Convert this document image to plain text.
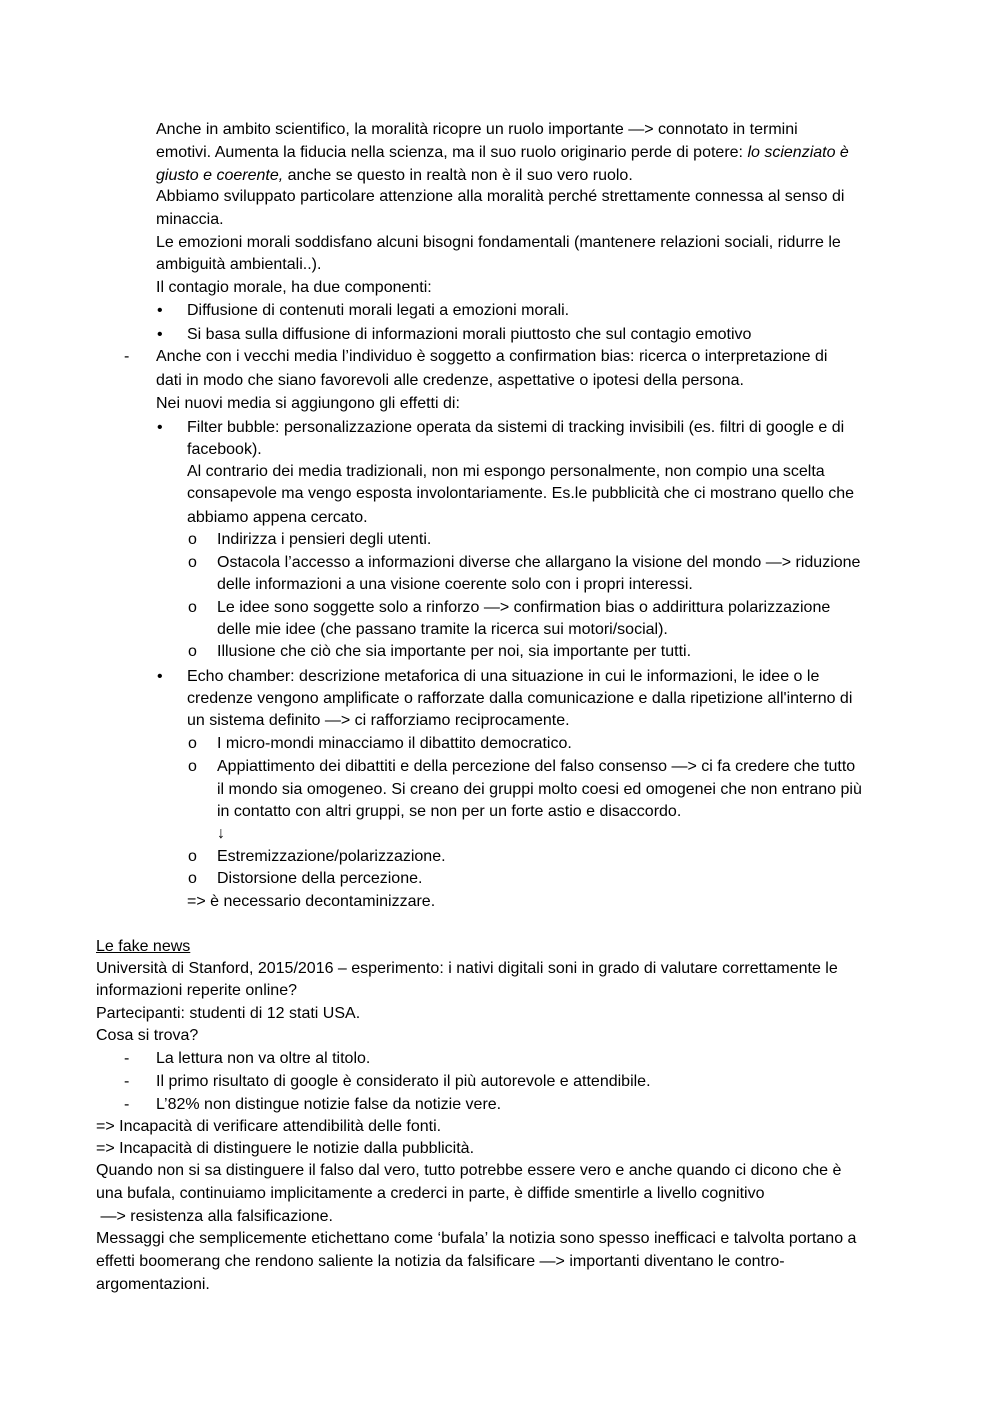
Anche in ambito scientifico, la moralità ricopre un ruolo importante —> connotato in termini
emotivi. Aumenta la fiducia nella scienza, ma il suo ruolo originario perde di potere: lo scienziato è
giusto e coerente, anche se questo in realtà non è il suo vero ruolo.
Abbiamo sviluppato particolare attenzione alla moralità perché strettamente connessa al senso di
minaccia.
Le emozioni morali soddisfano alcuni bisogni fondamentali (mantenere relazioni sociali, ridurre le
ambiguità ambientali..).
Il contagio morale, ha due componenti:
• Diffusione di contenuti morali legati a emozioni morali.
• Si basa sulla diffusione di informazioni morali piuttosto che sul contagio emotivo
- Anche con i vecchi media l’individuo è soggetto a confirmation bias: ricerca o interpretazione di
dati in modo che siano favorevoli alle credenze, aspettative o ipotesi della persona.
Nei nuovi media si aggiungono gli effetti di:
• Filter bubble: personalizzazione operata da sistemi di tracking invisibili (es. filtri di google e di
facebook).
Al contrario dei media tradizionali, non mi espongo personalmente, non compio una scelta
consapevole ma vengo esposta involontariamente. Es.le pubblicità che ci mostrano quello che
abbiamo appena cercato.
o Indirizza i pensieri degli utenti.
o Ostacola l’accesso a informazioni diverse che allargano la visione del mondo —> riduzione
delle informazioni a una visione coerente solo con i propri interessi.
o Le idee sono soggette solo a rinforzo —> confirmation bias o addirittura polarizzazione
delle mie idee (che passano tramite la ricerca sui motori/social).
o Illusione che ciò che sia importante per noi, sia importante per tutti.
• Echo chamber: descrizione metaforica di una situazione in cui le informazioni, le idee o le
credenze vengono amplificate o rafforzate dalla comunicazione e dalla ripetizione all'interno di
un sistema definito —> ci rafforziamo reciprocamente.
o I micro-mondi minacciamo il dibattito democratico.
o Appiattimento dei dibattiti e della percezione del falso consenso —> ci fa credere che tutto
il mondo sia omogeneo. Si creano dei gruppi molto coesi ed omogenei che non entrano più
in contatto con altri gruppi, se non per un forte astio e disaccordo.
↓
o Estremizzazione/polarizzazione.
o Distorsione della percezione.
=> è necessario decontaminizzare.
Le fake news
Università di Stanford, 2015/2016 – esperimento: i nativi digitali soni in grado di valutare correttamente le
informazioni reperite online?
Partecipanti: studenti di 12 stati USA.
Cosa si trova?
- La lettura non va oltre al titolo.
- Il primo risultato di google è considerato il più autorevole e attendibile.
- L’82% non distingue notizie false da notizie vere.
=> Incapacità di verificare attendibilità delle fonti.
=> Incapacità di distinguere le notizie dalla pubblicità.
Quando non si sa distinguere il falso dal vero, tutto potrebbe essere vero e anche quando ci dicono che è
una bufala, continuiamo implicitamente a crederci in parte, è diffide smentirle a livello cognitivo
—> resistenza alla falsificazione.
Messaggi che semplicemente etichettano come ‘bufala’ la notizia sono spesso inefficaci e talvolta portano a
effetti boomerang che rendono saliente la notizia da falsificare —> importanti diventano le contro-
argomentazioni.
